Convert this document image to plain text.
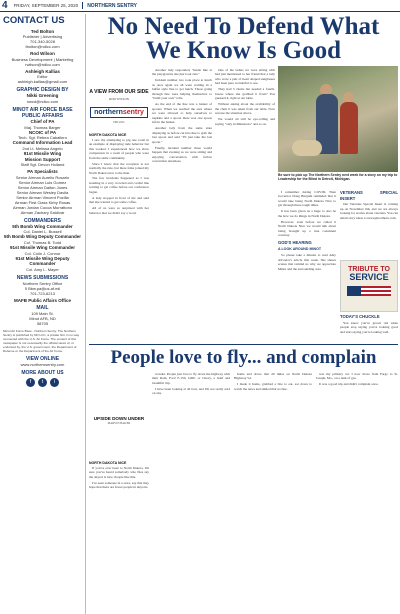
4 FRIDAY, SEPTEMBER 25, 2020 NORTHERN SENTRY
CONTACT US
Ted Bolton
Publisher | Advertising
701-340-5028
tbolton@ndlcc.com
Rod Wilson
Business Development | Marketing
rwilson@ndlcc.com
Ashleigh Kallias
Editor
ashleigh.kallias@gmail.com
GRAPHIC DESIGN BY
Nikki Greening
nwcd@ndlcc.com
MINOT AIR FORCE BASE PUBLIC AFFAIRS
Chief of PA
Maj. Thomas Barger
NCOIC of PA
Tech. Sgt. Rebea Caballero
Command Information Lead
2nd Lt. Melissa Angelo
91st Missile Wing
Mission Support
Staff Sgt. Devon Holland
PA Specialists
Senior Airman Aurelio Rosario
Senior Airman Luis Gomez
Senior Airman Dalton Jones
Senior Airman Wesley Davila
Senior Airman Vincent Pozilla
Airman First Class Kirby Rosas
Airman Jordan Cocoa Murrattono
Airman Zachary Saldivar
COMMANDERS
5th Bomb Wing Commander
Col. Daniel L. Bussell
5th Bomb Wing Deputy Commander
Col. Thomas B. Todd
91st Missile Wing Commander
Col. Colin J. Connor
91st Missile Wing Deputy Commander
Col. Amy L. Mayer
NEWS SUBMISSIONS
Northern Sentry Office
5 Bbw.pa@us.af.mil
701-723-6213
MAFB Public Affairs Office
MAIL
109 Main St.
Minot AFB, ND
58705
Minot Air Force Base - Northern Sentry. The Northern Sentry is published by ND LCC, a private firm in no way connected with the U.S. Air Force. The content of this newspaper is not necessarily the official views of, or endorsed by, the U.S. government, the Department of Defense or the Department of the Air Force.
VIEW ONLINE
www.northernsentry.com
MORE ABOUT US
f	t	i
No Need To Defend What We Know Is Good
A VIEW FROM OUR SIDE
ROD WILSON
northernsentry
ND LCC
NORTH DAKOTA NICE

I saw my attempting to pig one room in an example of displaying rude behavior but this worked. I experienced how we show compassion in a room of people who were from the same community.

Since I know that the reception is not normally the rule, but there folks joined my North Dakota nice to the man.

The few incidents happened as I was standing in a very crowded and cordial line waiting to get coffee before our conference began.

A lady stopped in front of me and said that she wanted to get some coffee.

All of us were so surprised with her behavior that we didn't say a word.

Another lady responded, "kinda like at the playground, she just took cuts."

Incident number two took place at lunch as once again we all were waiting in a buffet style line to get lunch. Those going through line were helping themselves to "build your own" rolls.

As the end of the line was a basket of spoons. When we reached the area where we were allowed to help ourselves to napkins and a spoon there was one spoon left in the basket.

Another lady from the same state displaying as before cut into line to grab the last spoon and said "I'll just take the last spoon."

Finally, incident number three would happen that evening as we were sitting and enjoying conversation with fellow convention attendees.

One of the ladies we were sitting with had just mentioned to her friend that a lady who wore a pair of heart shaped sunglasses had been pure wonderful to see.

They had 3 chairs but needed a fourth. Guess where she grabbed it from? You guessed it, right at our table.

Without asking about the availability of the chair it was taken from our table. Now reverse the situation above.

We would all still be eye-rolling and saying "only in Minnesota" and so on.

Be sure to pick up The Northern Sentry next week for a story on my trip to Leadership for the Blind in Detroit, Michigan.

I remember during COVID, Then Governor Doug Burgum reminded that it would take being North Dakota Nice to get through these tough times.

It has been given us a huge to also be the how we do things in North Dakota.

However, even before we called it North Dakota Nice we would talk about being brought up a true consistent courtesy.

GOD'S HEARING
A LOOK AROUND MINOT

So please take a minute to read Amy Altvador's article this week. She shares scenes that remind us why we appreciate Minot and the surrounding area.

VETERANS SPECIAL INSERT

Our Veterans Special Insert is coming up on November 6th, and we are always looking for stories about veterans. You can email story ideas to news@northern.com.

TRIBUTE TO
SERVICE
TODAY'S CHUCKLE

You know you've grown old when people stop saying you're looking good and start saying you're looking well.

People love to fly... and complain
UPSIDE DOWN UNDER
MARVIN BAKER
NORTH DAKOTA NICE

If you've ever been to North Dakota, I'm sure you've heard somebody who flies say the airport is nice. People like this.

I've seen someone in a store, say that they hope that there are fewer people in airports.

wonder. People just love to fly down the highway with their Ram, Ford F-150, GMC or Chevy, a brief and beautiful trip.

I have been looking at all four, and I'm not really sold on any.

home and drove that 20 miles on North Dakota Highway 54.

I made it home, grabbed a bite to eat, sat down to watch the news and smiled that no line.

was my primary car. I now drove from Fargo to St. Joseph, Mo., on a tank of gas.

It was a good trip and didn't complain once.
